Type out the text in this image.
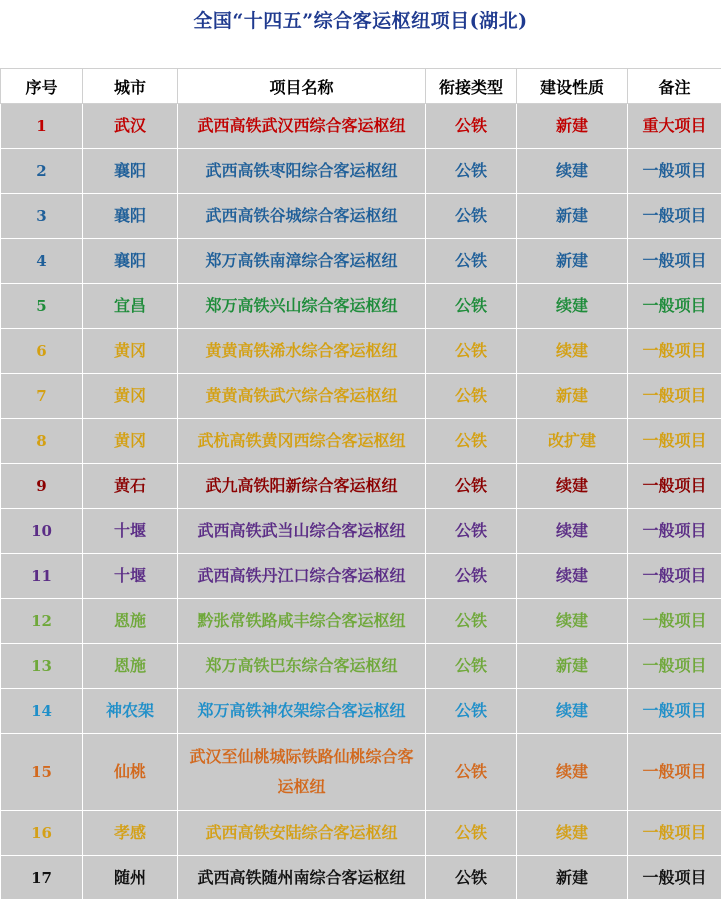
全国“十四五”综合客运枢纽项目(湖北)
序号	城市	项目名称	衔接类型	建设性质	备注
1	武汉	武西高铁武汉西综合客运枢纽	公铁	新建	重大项目
2	襄阳	武西高铁枣阳综合客运枢纽	公铁	续建	一般项目
3	襄阳	武西高铁谷城综合客运枢纽	公铁	新建	一般项目
4	襄阳	郑万高铁南漳综合客运枢纽	公铁	新建	一般项目
5	宜昌	郑万高铁兴山综合客运枢纽	公铁	续建	一般项目
6	黄冈	黄黄高铁浠水综合客运枢纽	公铁	续建	一般项目
7	黄冈	黄黄高铁武穴综合客运枢纽	公铁	新建	一般项目
8	黄冈	武杭高铁黄冈西综合客运枢纽	公铁	改扩建	一般项目
9	黄石	武九高铁阳新综合客运枢纽	公铁	续建	一般项目
10	十堰	武西高铁武当山综合客运枢纽	公铁	续建	一般项目
11	十堰	武西高铁丹江口综合客运枢纽	公铁	续建	一般项目
12	恩施	黔张常铁路咸丰综合客运枢纽	公铁	续建	一般项目
13	恩施	郑万高铁巴东综合客运枢纽	公铁	新建	一般项目
14	神农架	郑万高铁神农架综合客运枢纽	公铁	续建	一般项目
15	仙桃	武汉至仙桃城际铁路仙桃综合客运枢纽	公铁	续建	一般项目
16	孝感	武西高铁安陆综合客运枢纽	公铁	续建	一般项目
17	随州	武西高铁随州南综合客运枢纽	公铁	新建	一般项目
